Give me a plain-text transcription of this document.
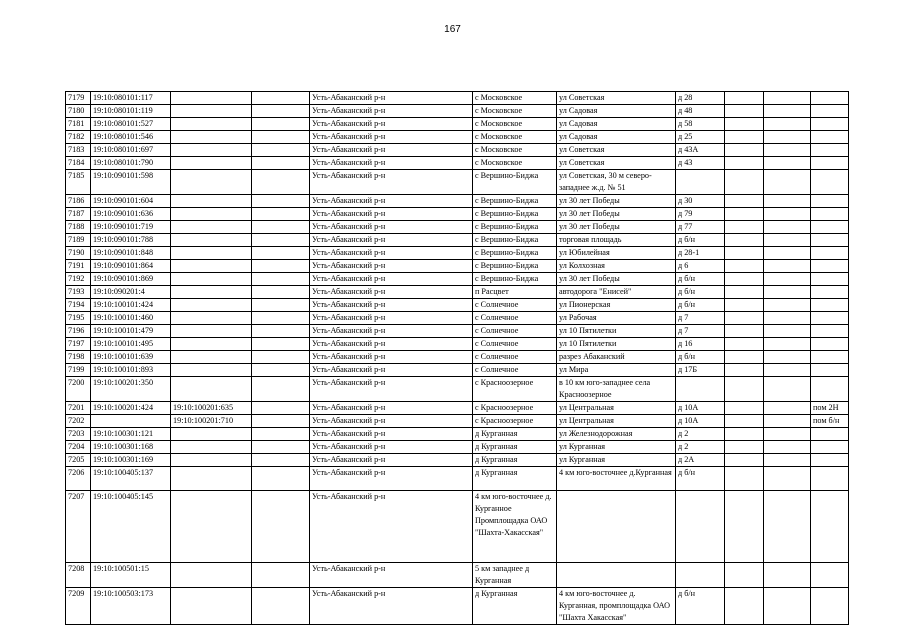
167
7179	19:10:080101:117			Усть-Абаканский р-н	с Московское	ул Советская	д 28			
7180	19:10:080101:119			Усть-Абаканский р-н	с Московское	ул Садовая	д 48			
7181	19:10:080101:527			Усть-Абаканский р-н	с Московское	ул Садовая	д 58			
7182	19:10:080101:546			Усть-Абаканский р-н	с Московское	ул Садовая	д 25			
7183	19:10:080101:697			Усть-Абаканский р-н	с Московское	ул Советская	д 43А			
7184	19:10:080101:790			Усть-Абаканский р-н	с Московское	ул Советская	д 43			
7185	19:10:090101:598			Усть-Абаканский р-н	с Вершино-Биджа	ул Советская, 30 м северо-западнее ж.д. № 51				
7186	19:10:090101:604			Усть-Абаканский р-н	с Вершино-Биджа	ул 30 лет Победы	д 30			
7187	19:10:090101:636			Усть-Абаканский р-н	с Вершино-Биджа	ул 30 лет Победы	д 79			
7188	19:10:090101:719			Усть-Абаканский р-н	с Вершино-Биджа	ул 30 лет Победы	д 77			
7189	19:10:090101:788			Усть-Абаканский р-н	с Вершино-Биджа	торговая площадь	д б/н			
7190	19:10:090101:848			Усть-Абаканский р-н	с Вершино-Биджа	ул Юбилейная	д 28-1			
7191	19:10:090101:864			Усть-Абаканский р-н	с Вершино-Биджа	ул Колхозная	д 6			
7192	19:10:090101:869			Усть-Абаканский р-н	с Вершино-Биджа	ул 30 лет Победы	д б/н			
7193	19:10:090201:4			Усть-Абаканский р-н	п Расцвет	автодорога "Енисей"	д б/н			
7194	19:10:100101:424			Усть-Абаканский р-н	с Солнечное	ул Пионерская	д б/н			
7195	19:10:100101:460			Усть-Абаканский р-н	с Солнечное	ул Рабочая	д 7			
7196	19:10:100101:479			Усть-Абаканский р-н	с Солнечное	ул 10 Пятилетки	д 7			
7197	19:10:100101:495			Усть-Абаканский р-н	с Солнечное	ул 10 Пятилетки	д 16			
7198	19:10:100101:639			Усть-Абаканский р-н	с Солнечное	разрез Абаканский	д б/н			
7199	19:10:100101:893			Усть-Абаканский р-н	с Солнечное	ул Мира	д 17Б			
7200	19:10:100201:350			Усть-Абаканский р-н	с Красноозерное	в 10 км юго-западнее села Красноозерное				
7201	19:10:100201:424	19:10:100201:635		Усть-Абаканский р-н	с Красноозерное	ул Центральная	д 10А			пом 2Н
7202		19:10:100201:710		Усть-Абаканский р-н	с Красноозерное	ул Центральная	д 10А			пом б/н
7203	19:10:100301:121			Усть-Абаканский р-н	д Курганная	ул Железнодорожная	д 2			
7204	19:10:100301:168			Усть-Абаканский р-н	д Курганная	ул Курганная	д 2			
7205	19:10:100301:169			Усть-Абаканский р-н	д Курганная	ул Курганная	д 2А			
7206	19:10:100405:137			Усть-Абаканский р-н	д Курганная	4 км юго-восточнее д.Курганная	д б/н			
7207	19:10:100405:145			Усть-Абаканский р-н	4 км юго-восточнее д. Курганное Промплощадка ОАО "Шахта-Хакасская"					
7208	19:10:100501:15			Усть-Абаканский р-н	5 км западнее д Курганная					
7209	19:10:100503:173			Усть-Абаканский р-н	д Курганная	4 км юго-восточнее д. Курганная, промплощадка ОАО "Шахта Хакасская"	д б/н			
